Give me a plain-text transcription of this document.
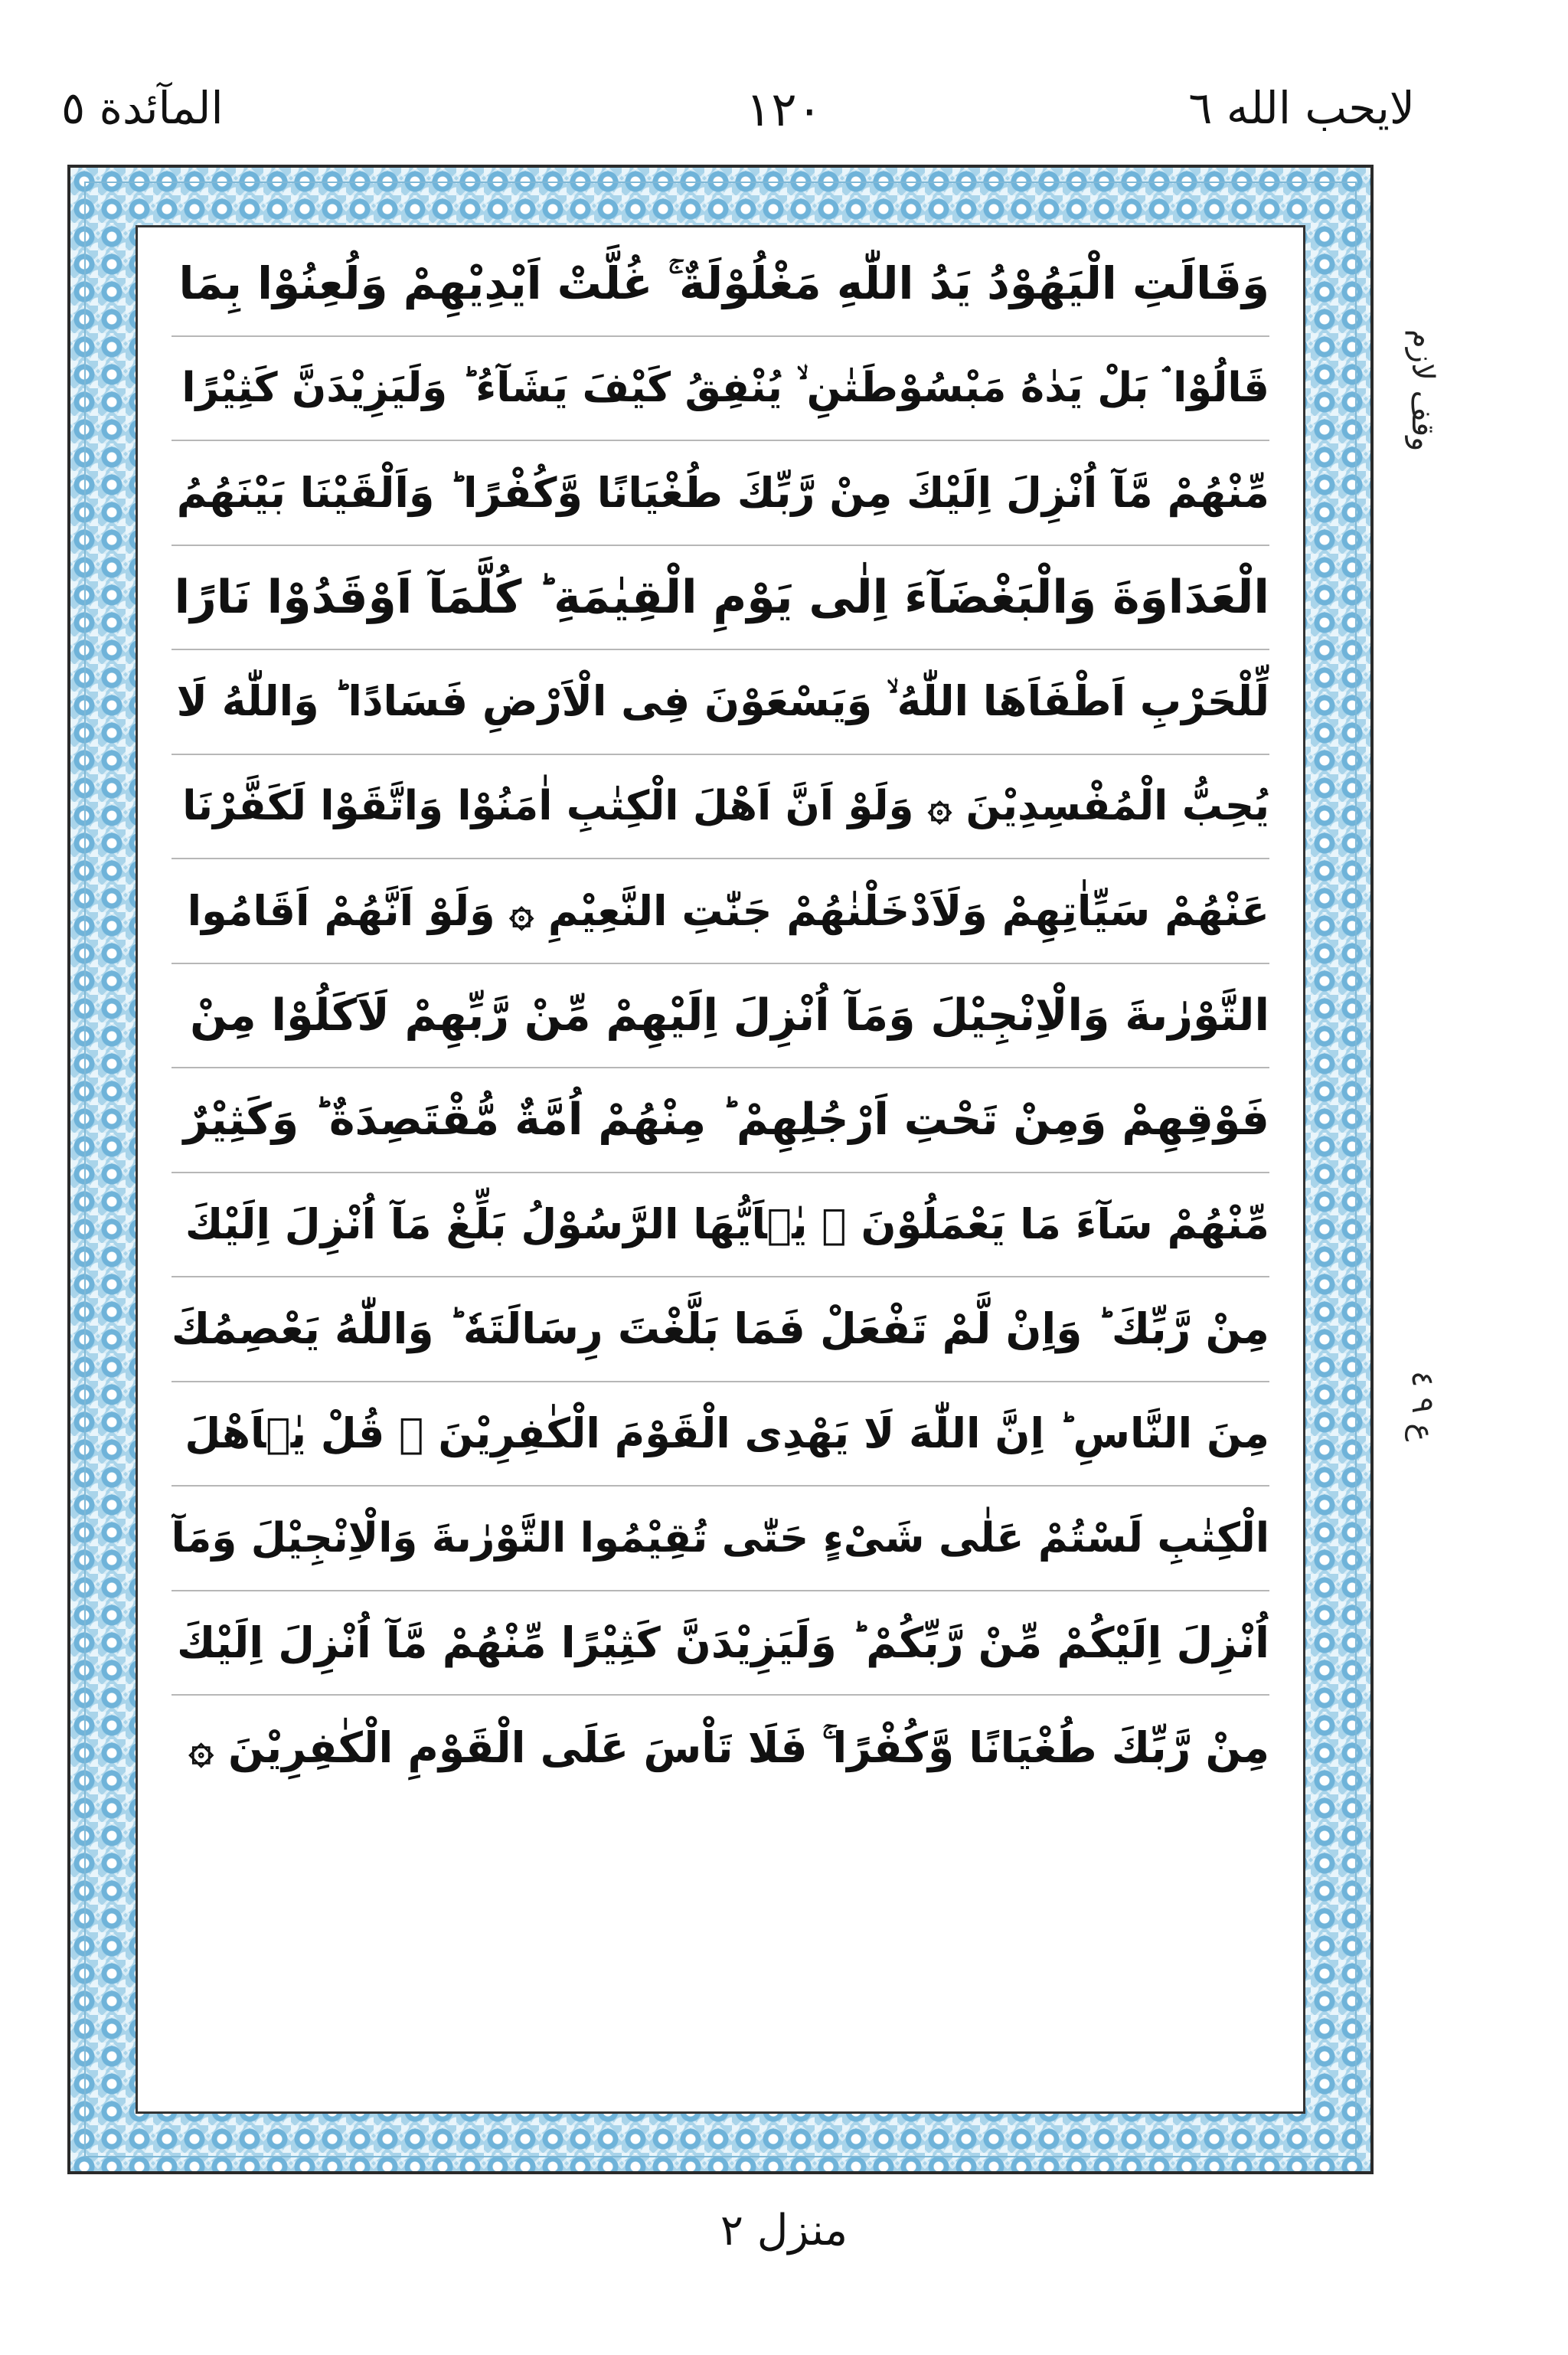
لايحب الله ٦
١٢٠
المآئدة ٥
وَقَالَتِ الْيَهُوْدُ يَدُ اللّٰهِ مَغْلُوْلَةٌ ۚ غُلَّتْ اَيْدِيْهِمْ وَلُعِنُوْا بِمَا
قَالُوْا ۘ بَلْ يَدٰهُ مَبْسُوْطَتٰنِ ۙ يُنْفِقُ كَيْفَ يَشَآءُ ؕ وَلَيَزِيْدَنَّ كَثِيْرًا
مِّنْهُمْ مَّآ اُنْزِلَ اِلَيْكَ مِنْ رَّبِّكَ طُغْيَانًا وَّكُفْرًا ؕ وَاَلْقَيْنَا بَيْنَهُمُ
الْعَدَاوَةَ وَالْبَغْضَآءَ اِلٰى يَوْمِ الْقِيٰمَةِ ؕ كُلَّمَآ اَوْقَدُوْا نَارًا
لِّلْحَرْبِ اَطْفَاَهَا اللّٰهُ ۙ وَيَسْعَوْنَ فِى الْاَرْضِ فَسَادًا ؕ وَاللّٰهُ لَا
يُحِبُّ الْمُفْسِدِيْنَ ۞ وَلَوْ اَنَّ اَهْلَ الْكِتٰبِ اٰمَنُوْا وَاتَّقَوْا لَكَفَّرْنَا
عَنْهُمْ سَيِّاٰتِهِمْ وَلَاَدْخَلْنٰهُمْ جَنّٰتِ النَّعِيْمِ ۞ وَلَوْ اَنَّهُمْ اَقَامُوا
التَّوْرٰىةَ وَالْاِنْجِيْلَ وَمَآ اُنْزِلَ اِلَيْهِمْ مِّنْ رَّبِّهِمْ لَاَكَلُوْا مِنْ
فَوْقِهِمْ وَمِنْ تَحْتِ اَرْجُلِهِمْ ؕ مِنْهُمْ اُمَّةٌ مُّقْتَصِدَةٌ ؕ وَكَثِيْرٌ
مِّنْهُمْ سَآءَ مَا يَعْمَلُوْنَ ۞ يٰۤاَيُّهَا الرَّسُوْلُ بَلِّغْ مَآ اُنْزِلَ اِلَيْكَ
مِنْ رَّبِّكَ ؕ وَاِنْ لَّمْ تَفْعَلْ فَمَا بَلَّغْتَ رِسَالَتَهٗ ؕ وَاللّٰهُ يَعْصِمُكَ
مِنَ النَّاسِ ؕ اِنَّ اللّٰهَ لَا يَهْدِى الْقَوْمَ الْكٰفِرِيْنَ ۞ قُلْ يٰۤاَهْلَ
الْكِتٰبِ لَسْتُمْ عَلٰى شَىْءٍ حَتّٰى تُقِيْمُوا التَّوْرٰىةَ وَالْاِنْجِيْلَ وَمَآ
اُنْزِلَ اِلَيْكُمْ مِّنْ رَّبِّكُمْ ؕ وَلَيَزِيْدَنَّ كَثِيْرًا مِّنْهُمْ مَّآ اُنْزِلَ اِلَيْكَ
مِنْ رَّبِّكَ طُغْيَانًا وَّكُفْرًا ۚ فَلَا تَاْسَ عَلَى الْقَوْمِ الْكٰفِرِيْنَ ۞
وقف لازم
ع ٩ ٤
منزل ٢
